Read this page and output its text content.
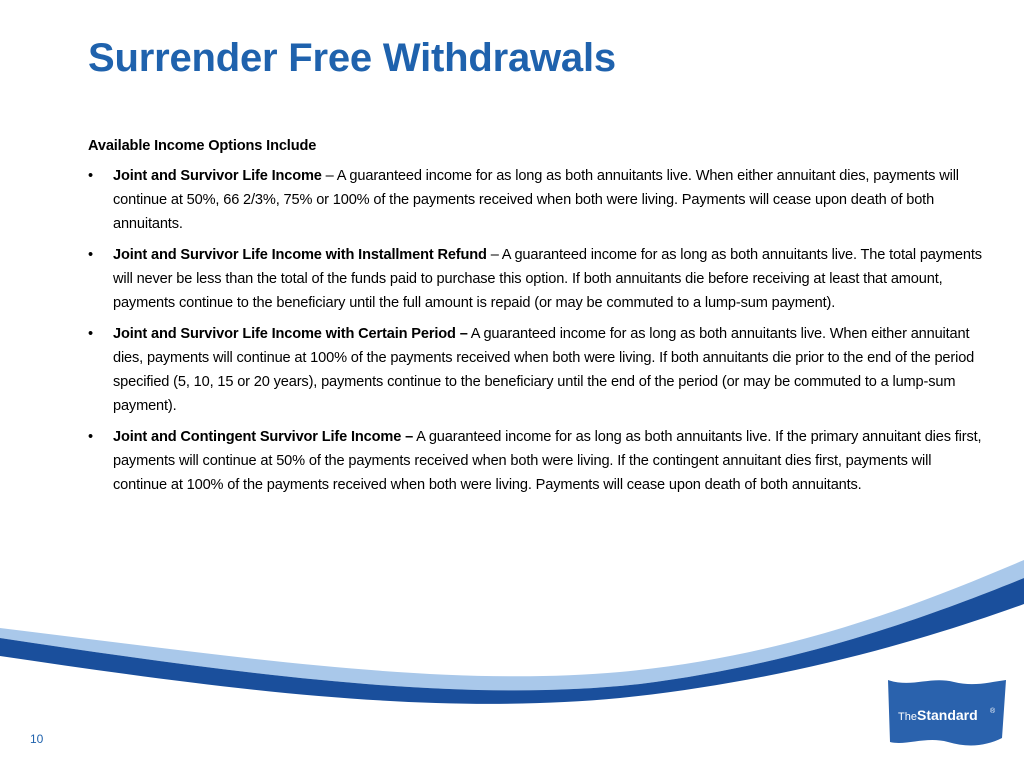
Surrender Free Withdrawals

Available Income Options Include

• Joint and Survivor Life Income – A guaranteed income for as long as both annuitants live. When either annuitant dies, payments will continue at 50%, 66 2/3%, 75% or 100% of the payments received when both were living. Payments will cease upon death of both annuitants.
• Joint and Survivor Life Income with Installment Refund – A guaranteed income for as long as both annuitants live. The total payments will never be less than the total of the funds paid to purchase this option. If both annuitants die before receiving at least that amount, payments continue to the beneficiary until the full amount is repaid (or may be commuted to a lump-sum payment).
• Joint and Survivor Life Income with Certain Period – A guaranteed income for as long as both annuitants live. When either annuitant dies, payments will continue at 100% of the payments received when both were living. If both annuitants die prior to the end of the period specified (5, 10, 15 or 20 years), payments continue to the beneficiary until the end of the period (or may be commuted to a lump-sum payment).
• Joint and Contingent Survivor Life Income – A guaranteed income for as long as both annuitants live. If the primary annuitant dies first, payments will continue at 50% of the payments received when both were living. If the contingent annuitant dies first, payments will continue at 100% of the payments received when both were living. Payments will cease upon death of both annuitants.
10
The Standard ®
